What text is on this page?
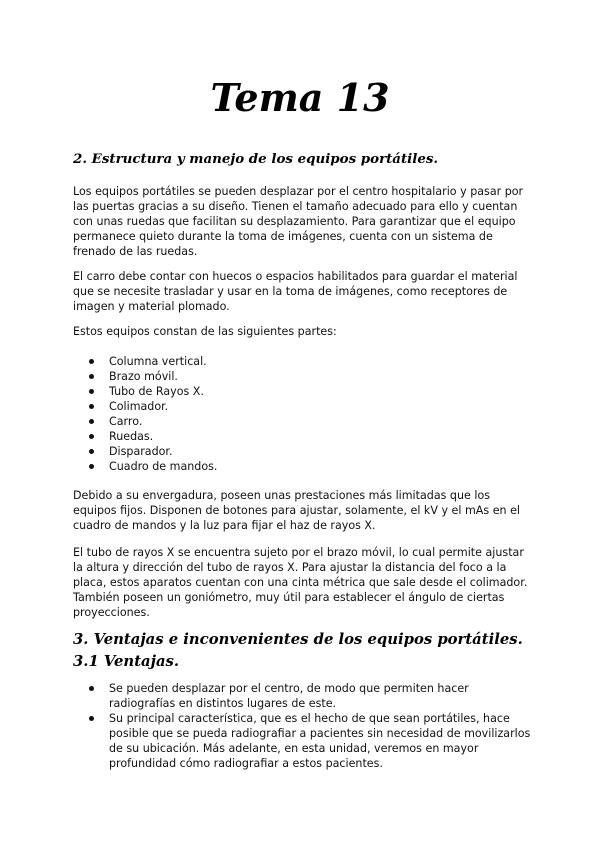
Tema 13
2. Estructura y manejo de los equipos portátiles.

Los equipos portátiles se pueden desplazar por el centro hospitalario y pasar por las puertas gracias a su diseño. Tienen el tamaño adecuado para ello y cuentan con unas ruedas que facilitan su desplazamiento. Para garantizar que el equipo permanece quieto durante la toma de imágenes, cuenta con un sistema de frenado de las ruedas.

El carro debe contar con huecos o espacios habilitados para guardar el material que se necesite trasladar y usar en la toma de imágenes, como receptores de imagen y material plomado.

Estos equipos constan de las siguientes partes:

Columna vertical.
Brazo móvil.
Tubo de Rayos X.
Colimador.
Carro.
Ruedas.
Disparador.
Cuadro de mandos.

Debido a su envergadura, poseen unas prestaciones más limitadas que los equipos fijos. Disponen de botones para ajustar, solamente, el kV y el mAs en el cuadro de mandos y la luz para fijar el haz de rayos X.

El tubo de rayos X se encuentra sujeto por el brazo móvil, lo cual permite ajustar la altura y dirección del tubo de rayos X. Para ajustar la distancia del foco a la placa, estos aparatos cuentan con una cinta métrica que sale desde el colimador. También poseen un goniómetro, muy útil para establecer el ángulo de ciertas proyecciones.

3. Ventajas e inconvenientes de los equipos portátiles.
3.1 Ventajas.
Se pueden desplazar por el centro, de modo que permiten hacer radiografías en distintos lugares de este.
Su principal característica, que es el hecho de que sean portátiles, hace posible que se pueda radiografiar a pacientes sin necesidad de movilizarlos de su ubicación. Más adelante, en esta unidad, veremos en mayor profundidad cómo radiografiar a estos pacientes.
